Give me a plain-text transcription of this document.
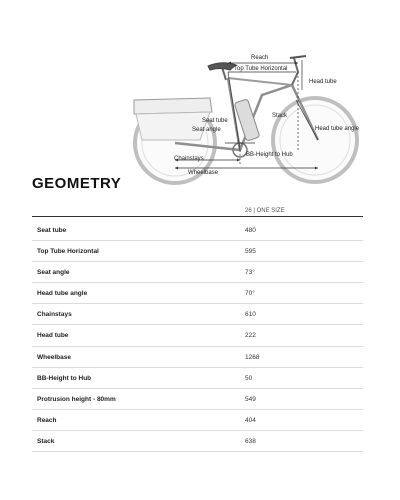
Reach
Top Tube Horizontal
Head tube
Stack
Head tube angle
Seat tube
Seat angle
Chainstays
BB-Height to Hub
Wheelbase
GEOMETRY
26 | ONE SIZE
Seat tube	480
Top Tube Horizontal	595
Seat angle	73°
Head tube angle	70°
Chainstays	610
Head tube	222
Wheelbase	1268
BB-Height to Hub	50
Protrusion height - 80mm	549
Reach	404
Stack	638
